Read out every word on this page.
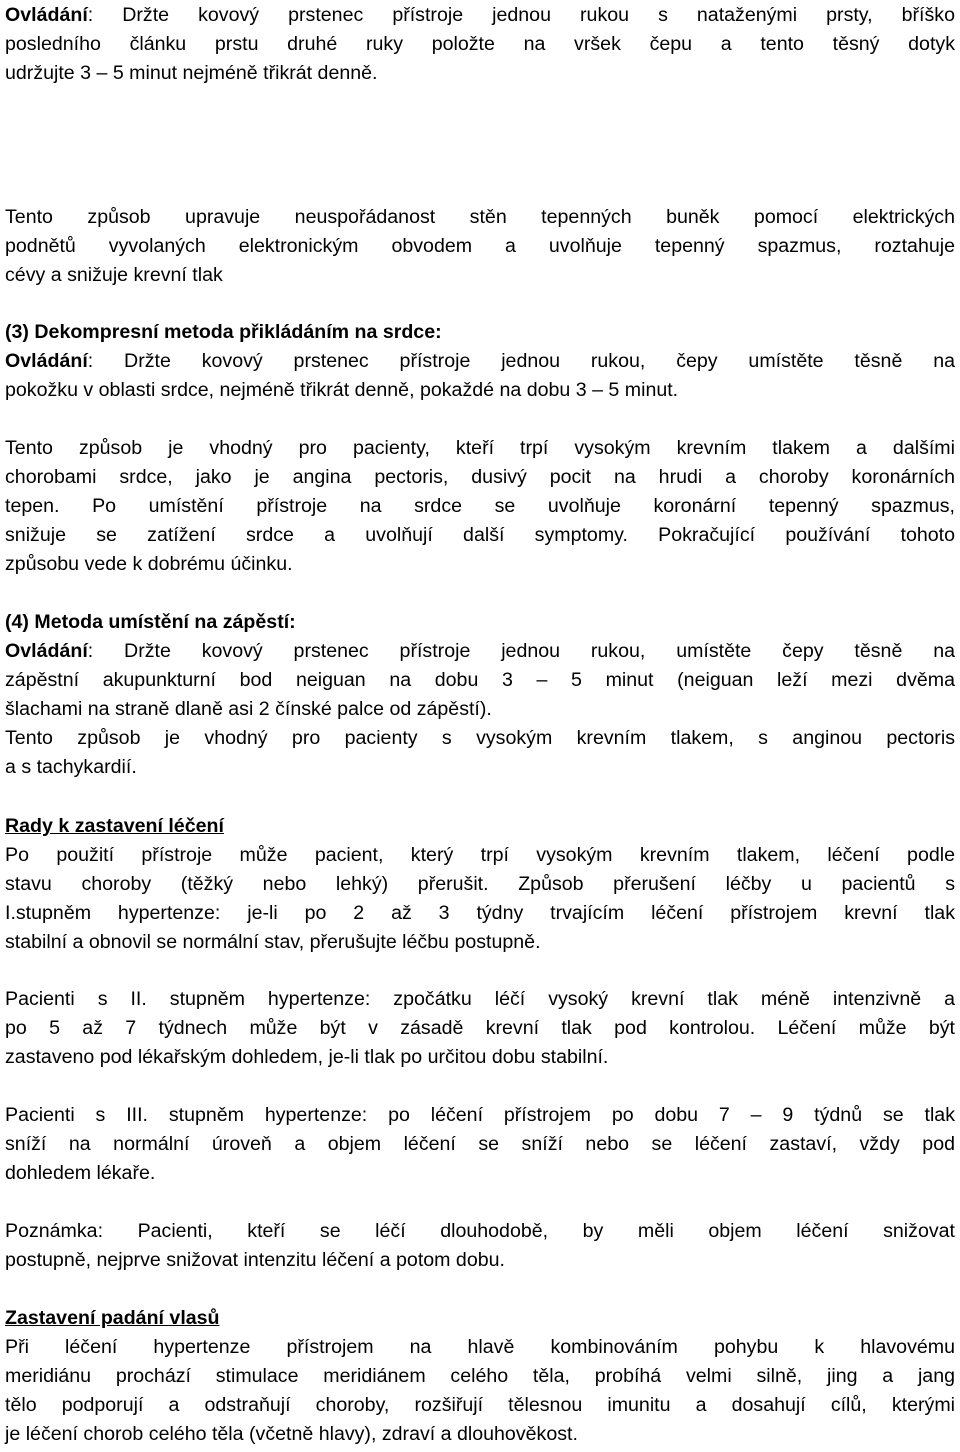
Ovládání: Držte kovový prstenec přístroje jednou rukou s nataženými prsty, bříško
posledního článku prstu druhé ruky položte na vršek čepu a tento těsný dotyk
udržujte 3 – 5 minut nejméně třikrát denně.
Tento způsob upravuje neuspořádanost stěn tepenných buněk pomocí elektrických
podnětů vyvolaných elektronickým obvodem a uvolňuje tepenný spazmus, roztahuje
cévy a snižuje krevní tlak
(3) Dekompresní metoda přikládáním na srdce:
Ovládání: Držte kovový prstenec přístroje jednou rukou, čepy umístěte těsně na
pokožku v oblasti srdce, nejméně třikrát denně, pokaždé na dobu 3 – 5 minut.
Tento způsob je vhodný pro pacienty, kteří trpí vysokým krevním tlakem a dalšími
chorobami srdce, jako je angina pectoris, dusivý pocit na hrudi a choroby koronárních
tepen. Po umístění přístroje na srdce se uvolňuje koronární tepenný spazmus,
snižuje se zatížení srdce a uvolňují další symptomy. Pokračující používání tohoto
způsobu vede k dobrému účinku.
(4) Metoda umístění na zápěstí:
Ovládání: Držte kovový prstenec přístroje jednou rukou, umístěte čepy těsně na
zápěstní akupunkturní bod neiguan na dobu 3 – 5 minut (neiguan leží mezi dvěma
šlachami na straně dlaně asi 2 čínské palce od zápěstí).
Tento způsob je vhodný pro pacienty s vysokým krevním tlakem, s anginou pectoris
a s tachykardií.
Rady k zastavení léčení
Po použití přístroje může pacient, který trpí vysokým krevním tlakem, léčení podle
stavu choroby (těžký nebo lehký) přerušit. Způsob přerušení léčby u pacientů s
I.stupněm hypertenze: je-li po 2 až 3 týdny trvajícím léčení přístrojem krevní tlak
stabilní a obnovil se normální stav, přerušujte léčbu postupně.
Pacienti s II. stupněm hypertenze: zpočátku léčí vysoký krevní tlak méně intenzivně a
po 5 až 7 týdnech může být v zásadě krevní tlak pod kontrolou. Léčení může být
zastaveno pod lékařským dohledem, je-li tlak po určitou dobu stabilní.
Pacienti s III. stupněm hypertenze: po léčení přístrojem po dobu 7 – 9 týdnů se tlak
sníží na normální úroveň a objem léčení se sníží nebo se léčení zastaví, vždy pod
dohledem lékaře.
Poznámka: Pacienti, kteří se léčí dlouhodobě, by měli objem léčení snižovat
postupně, nejprve snižovat intenzitu léčení a potom dobu.
Zastavení padání vlasů
Při léčení hypertenze přístrojem na hlavě kombinováním pohybu k hlavovému
meridiánu prochází stimulace meridiánem celého těla, probíhá velmi silně, jing a jang
tělo podporují a odstraňují choroby, rozšiřují tělesnou imunitu a dosahují cílů, kterými
je léčení chorob celého těla (včetně hlavy), zdraví a dlouhověkost.
